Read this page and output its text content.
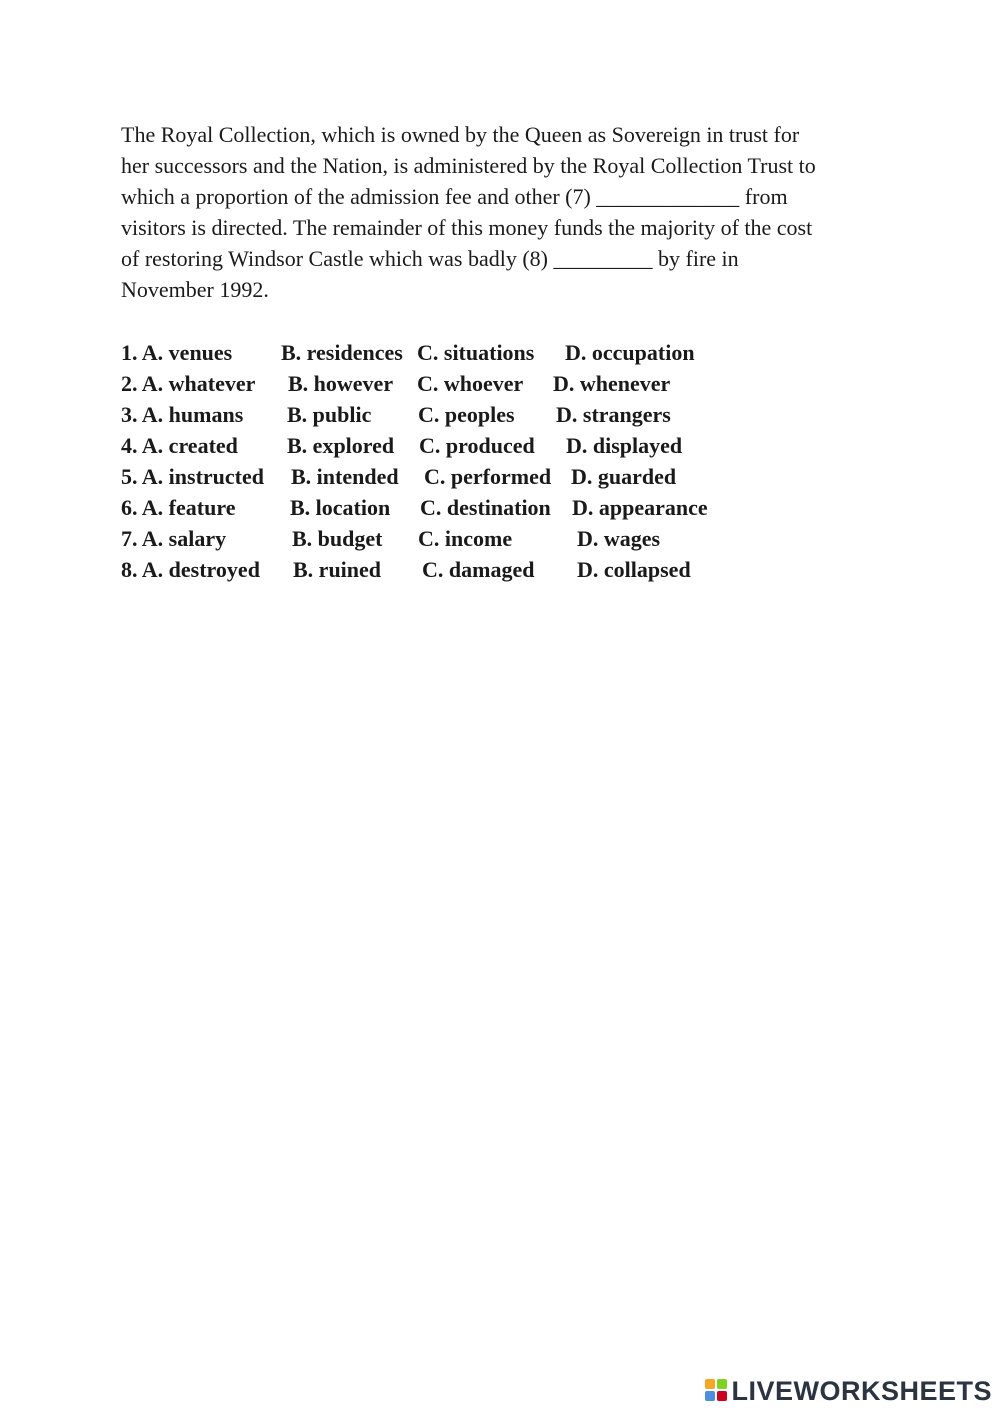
The Royal Collection, which is owned by the Queen as Sovereign in trust for
her successors and the Nation, is administered by the Royal Collection Trust to
which a proportion of the admission fee and other (7) _____________ from
visitors is directed. The remainder of this money funds the majority of the cost
of restoring Windsor Castle which was badly (8) _________ by fire in
November 1992.
1. A. venues B. residences C. situations D. occupation
2. A. whatever B. however C. whoever D. whenever
3. A. humans B. public C. peoples D. strangers
4. A. created B. explored C. produced D. displayed
5. A. instructed B. intended C. performed D. guarded
6. A. feature B. location C. destination D. appearance
7. A. salary	B. budget C. income	D. wages
8. A. destroyed B. ruined C. damaged D. collapsed
LIVEWORKSHEETS
